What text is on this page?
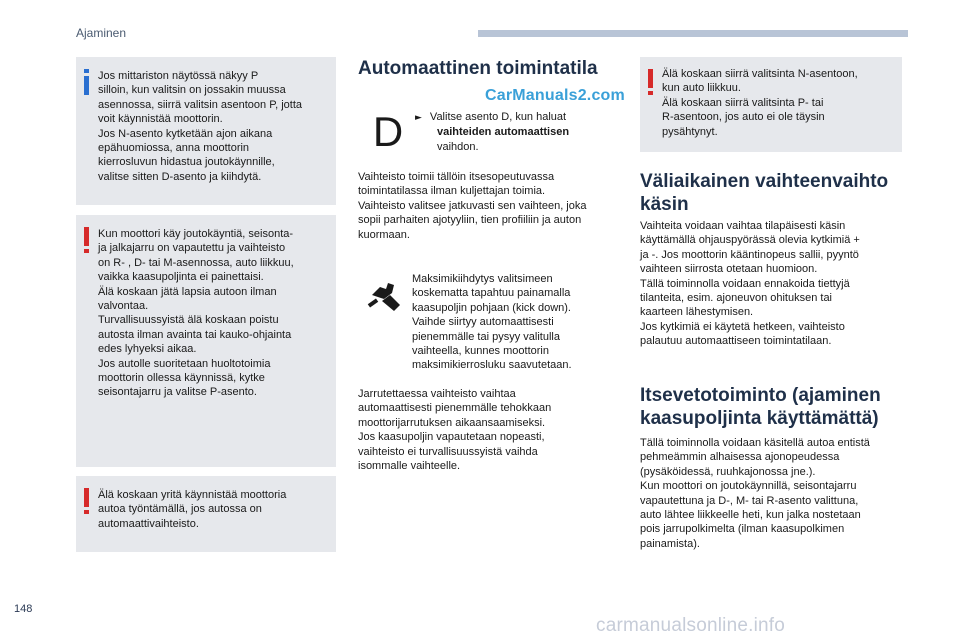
Ajaminen

Jos mittariston näytössä näkyy P

silloin, kun valitsin on jossakin muussa

asennossa, siirrä valitsin asentoon P, jotta

voit käynnistää moottorin.

Jos N-asento kytketään ajon aikana

epähuomiossa, anna moottorin

kierrosluvun hidastua joutokäynnille,

valitse sitten D-asento ja kiihdytä.

Kun moottori käy joutokäyntiä, seisonta-

ja jalkajarru on vapautettu ja vaihteisto

on R- , D- tai M-asennossa, auto liikkuu,

vaikka kaasupoljinta ei painettaisi.

Älä koskaan jätä lapsia autoon ilman

valvontaa.

Turvallisuussyistä älä koskaan poistu

autosta ilman avainta tai kauko-ohjainta

edes lyhyeksi aikaa.

Jos autolle suoritetaan huoltotoimia

moottorin ollessa käynnissä, kytke

seisontajarru ja valitse P-asento.

Älä koskaan yritä käynnistää moottoria

autoa työntämällä, jos autossa on

automaattivaihteisto.

Automaattinen toimintatila
CarManuals2.com
D	► Valitse asento D, kun haluat

vaihteiden automaattisen

vaihdon.

Vaihteisto toimii tällöin itsesopeutuvassa

toimintatilassa ilman kuljettajan toimia.

Vaihteisto valitsee jatkuvasti sen vaihteen, joka

sopii parhaiten ajotyyliin, tien profiiliin ja auton

kuormaan.

Maksimikiihdytys valitsimeen

koskematta tapahtuu painamalla

kaasupoljin pohjaan (kick down).

Vaihde siirtyy automaattisesti

pienemmälle tai pysyy valitulla

vaihteella, kunnes moottorin

maksimikierrosluku saavutetaan.

Jarrutettaessa vaihteisto vaihtaa

automaattisesti pienemmälle tehokkaan

moottorijarrutuksen aikaansaamiseksi.

Jos kaasupoljin vapautetaan nopeasti,

vaihteisto ei turvallisuussyistä vaihda

isommalle vaihteelle.

Älä koskaan siirrä valitsinta N-asentoon,

kun auto liikkuu.

Älä koskaan siirrä valitsinta P- tai

R-asentoon, jos auto ei ole täysin

pysähtynyt.

Väliaikainen vaihteenvaihto
käsin

Vaihteita voidaan vaihtaa tilapäisesti käsin

käyttämällä ohjauspyörässä olevia kytkimiä +

ja -. Jos moottorin kääntinopeus sallii, pyyntö

vaihteen siirrosta otetaan huomioon.

Tällä toiminnolla voidaan ennakoida tiettyjä

tilanteita, esim. ajoneuvon ohituksen tai

kaarteen lähestymisen.

Jos kytkimiä ei käytetä hetkeen, vaihteisto

palautuu automaattiseen toimintatilaan.

Itsevetotoiminto (ajaminen
kaasupoljinta käyttämättä)

Tällä toiminnolla voidaan käsitellä autoa entistä

pehmeämmin alhaisessa ajonopeudessa

(pysäköidessä, ruuhkajonossa jne.).

Kun moottori on joutokäynnillä, seisontajarru

vapautettuna ja D-, M- tai R-asento valittuna,

auto lähtee liikkeelle heti, kun jalka nostetaan

pois jarrupolkimelta (ilman kaasupolkimen

painamista).

148
carmanualsonline.info
